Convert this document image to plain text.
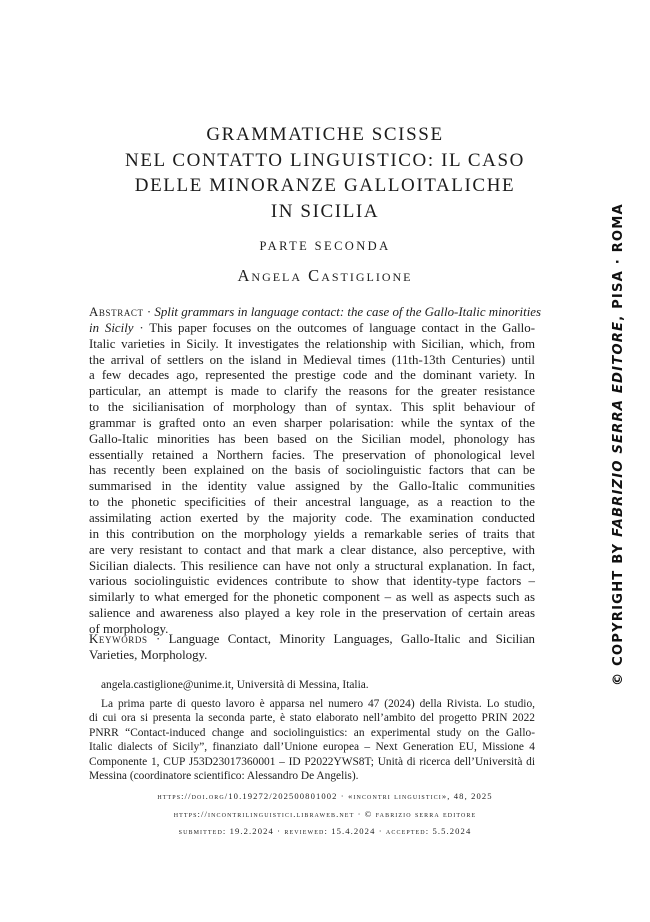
GRAMMATICHE SCISSE
NEL CONTATTO LINGUISTICO: IL CASO
DELLE MINORANZE GALLOITALICHE
IN SICILIA
PARTE SECONDA
Angela Castiglione

Abstract · Split grammars in language contact: the case of the Gallo-Italic minorities
in Sicily · This paper focuses on the outcomes of language contact in the Gallo-
Italic varieties in Sicily. It investigates the relationship with Sicilian, which, from
the arrival of settlers on the island in Medieval times (11th-13th Centuries) until
a few decades ago, represented the prestige code and the dominant variety. In
particular, an attempt is made to clarify the reasons for the greater resistance
to the sicilianisation of morphology than of syntax. This split behaviour of
grammar is grafted onto an even sharper polarisation: while the syntax of the
Gallo-Italic minorities has been based on the Sicilian model, phonology has
essentially retained a Northern facies. The preservation of phonological level
has recently been explained on the basis of sociolinguistic factors that can be
summarised in the identity value assigned by the Gallo-Italic communities
to the phonetic specificities of their ancestral language, as a reaction to the
assimilating action exerted by the majority code. The examination conducted
in this contribution on the morphology yields a remarkable series of traits that
are very resistant to contact and that mark a clear distance, also perceptive, with
Sicilian dialects. This resilience can have not only a structural explanation. In fact,
various sociolinguistic evidences contribute to show that identity-type factors –
similarly to what emerged for the phonetic component – as well as aspects such as
salience and awareness also played a key role in the preservation of certain areas
of morphology.

Keywords · Language Contact, Minority Languages, Gallo-Italic and Sicilian
Varieties, Morphology.
angela.castiglione@unime.it, Università di Messina, Italia.
La prima parte di questo lavoro è apparsa nel numero 47 (2024) della Rivista. Lo studio,
di cui ora si presenta la seconda parte, è stato elaborato nell’ambito del progetto PRIN 2022
PNRR “Contact-induced change and sociolinguistics: an experimental study on the Gallo-
Italic dialects of Sicily”, finanziato dall’Unione europea – Next Generation EU, Missione 4
Componente 1, CUP J53D23017360001 – ID P2022YWS8T; Unità di ricerca dell’Università di
Messina (coordinatore scientifico: Alessandro De Angelis).
https://doi.org/10.19272/202500801002 · «incontri linguistici», 48, 2025
https://incontrilinguistici.libraweb.net · © fabrizio serra editore
submitted: 19.2.2024 · reviewed: 15.4.2024 · accepted: 5.5.2024
© COPYRIGHT BY FABRIZIO SERRA EDITORE, PISA · ROMA
